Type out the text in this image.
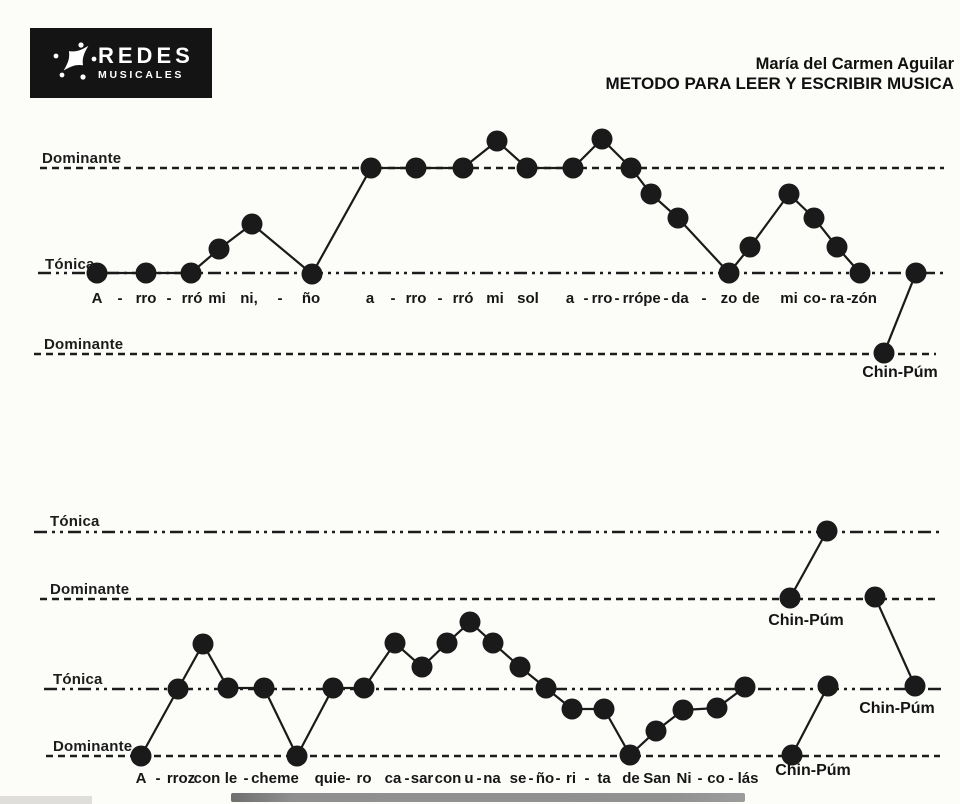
REDES
MUSICALES
María del Carmen Aguilar
METODO PARA LEER Y ESCRIBIR MUSICA
Dominante
Tónica
Dominante
Chin-Púm
A - rro - rró mi ni, - ño	a - rro - rró mi sol a - rro - rró pe - da - zo de mi co - ra - zón
Tónica
Dominante
Tónica
Dominante
Chin-Púm
Chin-Púm
Chin-Púm
A - rroz
con le - che me quie - ro ca - sar con u - na se - ño - ri - ta de San Ni - co - lás
